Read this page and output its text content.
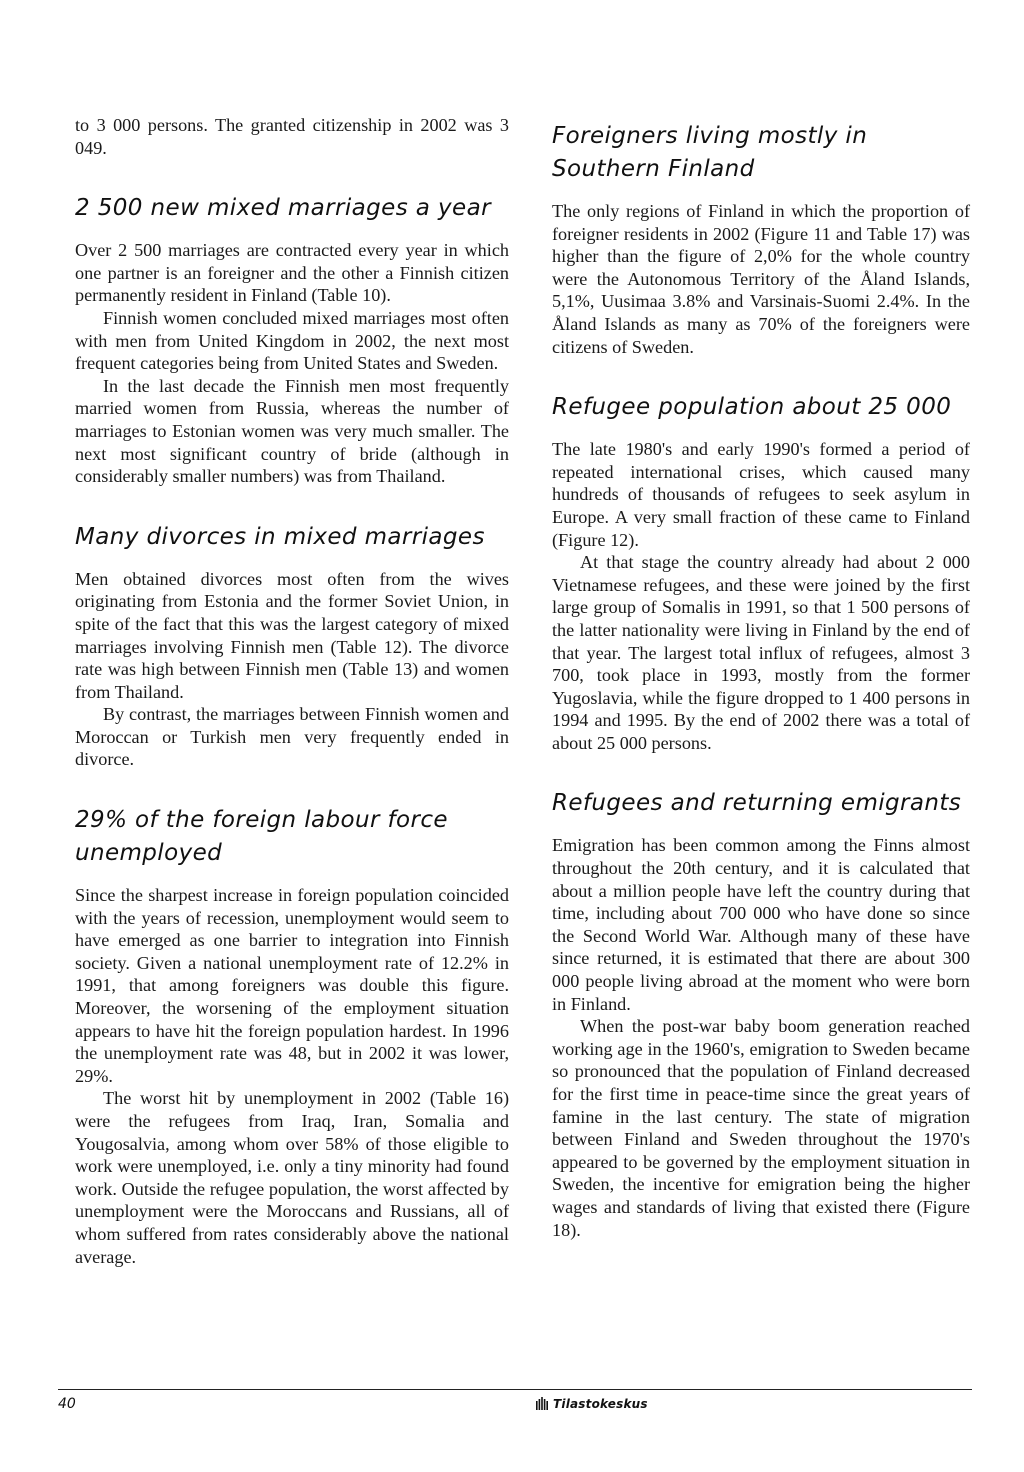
to 3 000 persons. The granted citizenship in 2002 was 3 049.

2 500 new mixed marriages a year

Over 2 500 marriages are contracted every year in which one partner is an foreigner and the other a Finnish citizen permanently resident in Finland (Table 10).

Finnish women concluded mixed marriages most often with men from United Kingdom in 2002, the next most frequent categories being from United States and Sweden.

In the last decade the Finnish men most frequently married women from Russia, whereas the number of marriages to Estonian women was very much smaller. The next most significant country of bride (although in considerably smaller numbers) was from Thailand.

Many divorces in mixed marriages

Men obtained divorces most often from the wives originating from Estonia and the former Soviet Union, in spite of the fact that this was the largest category of mixed marriages involving Finnish men (Table 12). The divorce rate was high between Finnish men (Table 13) and women from Thailand.

By contrast, the marriages between Finnish women and Moroccan or Turkish men very frequently ended in divorce.

29% of the foreign labour force unemployed

Since the sharpest increase in foreign population coincided with the years of recession, unemployment would seem to have emerged as one barrier to integration into Finnish society. Given a national unemployment rate of 12.2% in 1991, that among foreigners was double this figure. Moreover, the worsening of the employment situation appears to have hit the foreign population hardest. In 1996 the unemployment rate was 48, but in 2002 it was lower, 29%.

The worst hit by unemployment in 2002 (Table 16) were the refugees from Iraq, Iran, Somalia and Yougosalvia, among whom over 58% of those eligible to work were unemployed, i.e. only a tiny minority had found work. Outside the refugee population, the worst affected by unemployment were the Moroccans and Russians, all of whom suffered from rates considerably above the national average.

Foreigners living mostly in Southern Finland

The only regions of Finland in which the proportion of foreigner residents in 2002 (Figure 11 and Table 17) was higher than the figure of 2,0% for the whole country were the Autonomous Territory of the Åland Islands, 5,1%, Uusimaa 3.8% and Varsinais-Suomi 2.4%. In the Åland Islands as many as 70% of the foreigners were citizens of Sweden.

Refugee population about 25 000

The late 1980's and early 1990's formed a period of repeated international crises, which caused many hundreds of thousands of refugees to seek asylum in Europe. A very small fraction of these came to Finland (Figure 12).

At that stage the country already had about 2 000 Vietnamese refugees, and these were joined by the first large group of Somalis in 1991, so that 1 500 persons of the latter nationality were living in Finland by the end of that year. The largest total influx of refugees, almost 3 700, took place in 1993, mostly from the former Yugoslavia, while the figure dropped to 1 400 persons in 1994 and 1995. By the end of 2002 there was a total of about 25 000 persons.

Refugees and returning emigrants

Emigration has been common among the Finns almost throughout the 20th century, and it is calculated that about a million people have left the country during that time, including about 700 000 who have done so since the Second World War. Although many of these have since returned, it is estimated that there are about 300 000 people living abroad at the moment who were born in Finland.

When the post-war baby boom generation reached working age in the 1960's, emigration to Sweden became so pronounced that the population of Finland decreased for the first time in peace-time since the great years of famine in the last century. The state of migration between Finland and Sweden throughout the 1970's appeared to be governed by the employment situation in Sweden, the incentive for emigration being the higher wages and standards of living that existed there (Figure 18).

40	Tilastokeskus
